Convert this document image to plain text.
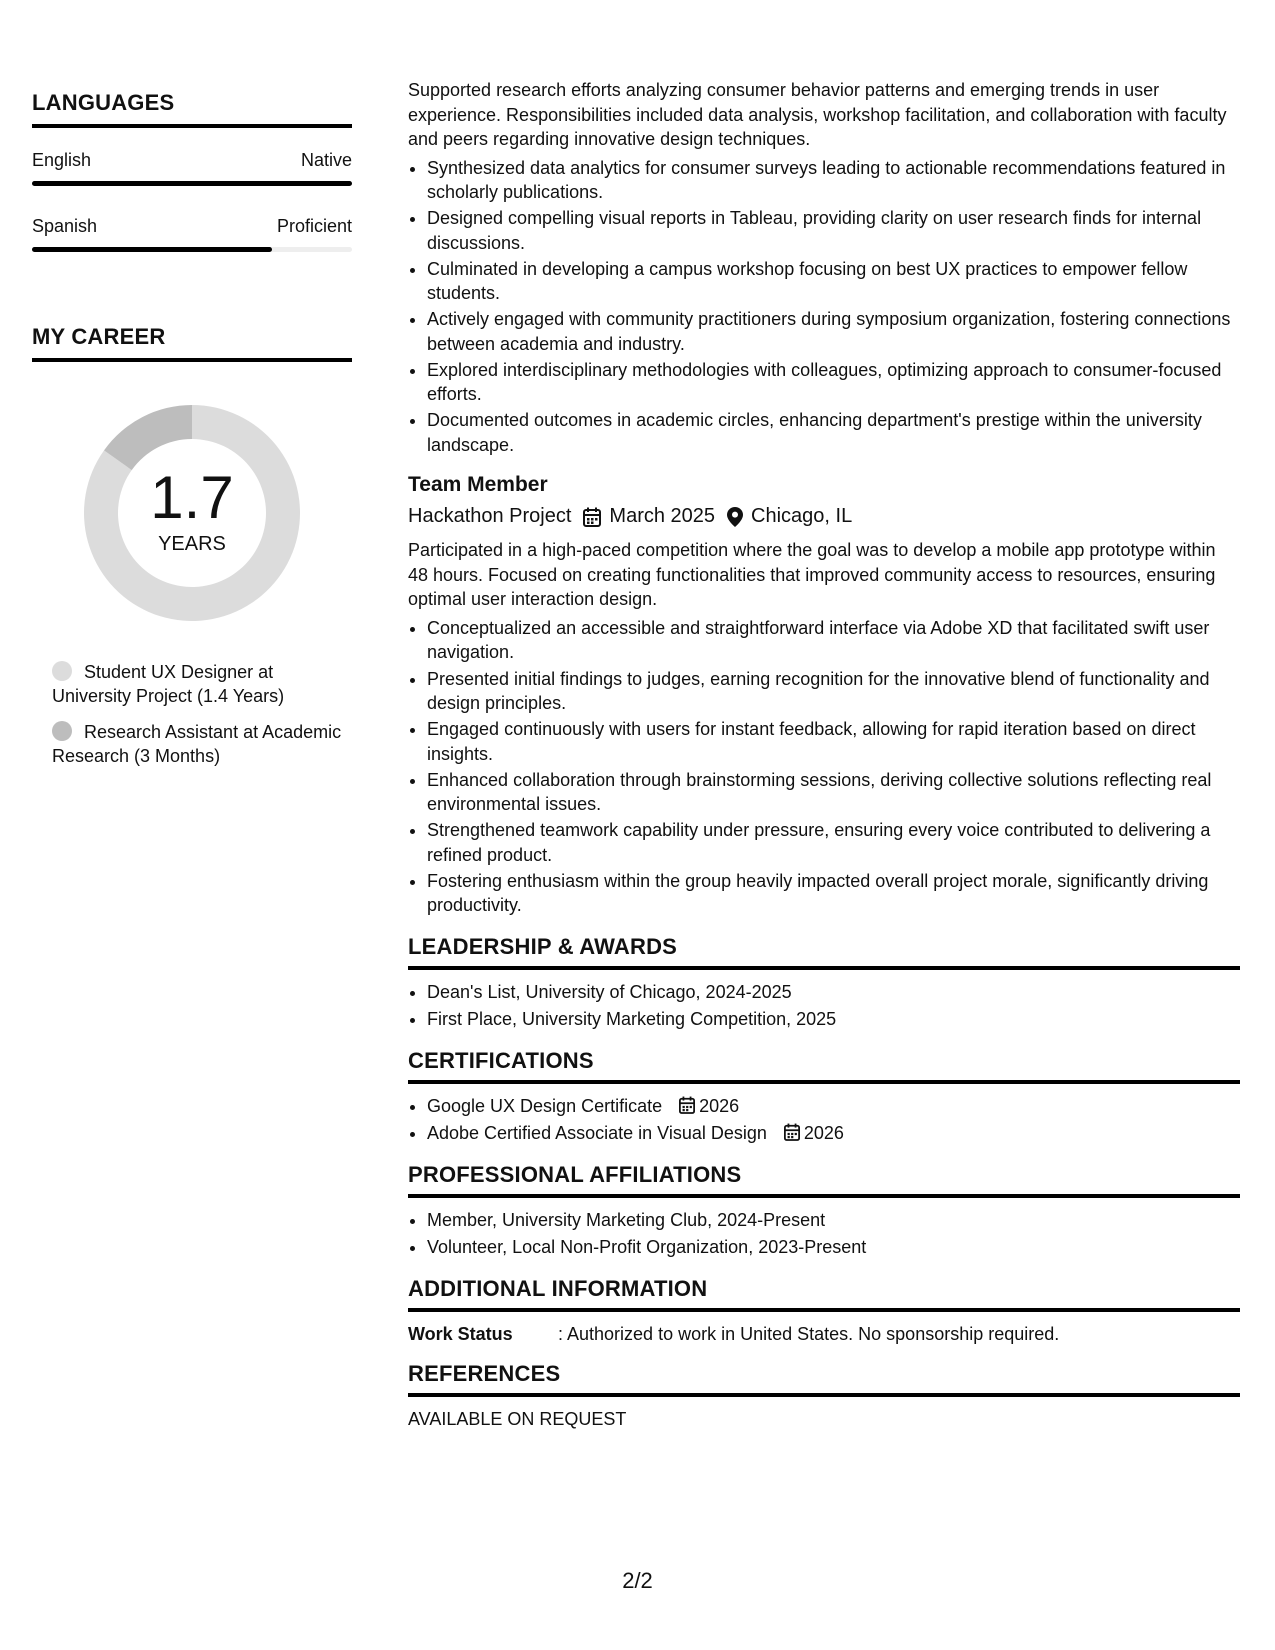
LANGUAGES
English	Native
Spanish	Proficient
MY CAREER
1.7
YEARS
Student UX Designer at University Project (1.4 Years)
Research Assistant at Academic Research (3 Months)

Supported research efforts analyzing consumer behavior patterns and emerging trends in user experience. Responsibilities included data analysis, workshop facilitation, and collaboration with faculty and peers regarding innovative design techniques.

• Synthesized data analytics for consumer surveys leading to actionable recommendations featured in scholarly publications.
• Designed compelling visual reports in Tableau, providing clarity on user research finds for internal discussions.
• Culminated in developing a campus workshop focusing on best UX practices to empower fellow students.
• Actively engaged with community practitioners during symposium organization, fostering connections between academia and industry.
• Explored interdisciplinary methodologies with colleagues, optimizing approach to consumer-focused efforts.
• Documented outcomes in academic circles, enhancing department's prestige within the university landscape.
Team Member
Hackathon Project March 2025 Chicago, IL

Participated in a high-paced competition where the goal was to develop a mobile app prototype within 48 hours. Focused on creating functionalities that improved community access to resources, ensuring optimal user interaction design.

• Conceptualized an accessible and straightforward interface via Adobe XD that facilitated swift user navigation.
• Presented initial findings to judges, earning recognition for the innovative blend of functionality and design principles.
• Engaged continuously with users for instant feedback, allowing for rapid iteration based on direct insights.
• Enhanced collaboration through brainstorming sessions, deriving collective solutions reflecting real environmental issues.
• Strengthened teamwork capability under pressure, ensuring every voice contributed to delivering a refined product.
• Fostering enthusiasm within the group heavily impacted overall project morale, significantly driving productivity.
LEADERSHIP & AWARDS
• Dean's List, University of Chicago, 2024-2025
• First Place, University Marketing Competition, 2025
CERTIFICATIONS
• Google UX Design Certificate 2026
• Adobe Certified Associate in Visual Design 2026
PROFESSIONAL AFFILIATIONS
• Member, University Marketing Club, 2024-Present
• Volunteer, Local Non-Profit Organization, 2023-Present
ADDITIONAL INFORMATION
Work Status	: Authorized to work in United States. No sponsorship required.
REFERENCES
AVAILABLE ON REQUEST
2/2
